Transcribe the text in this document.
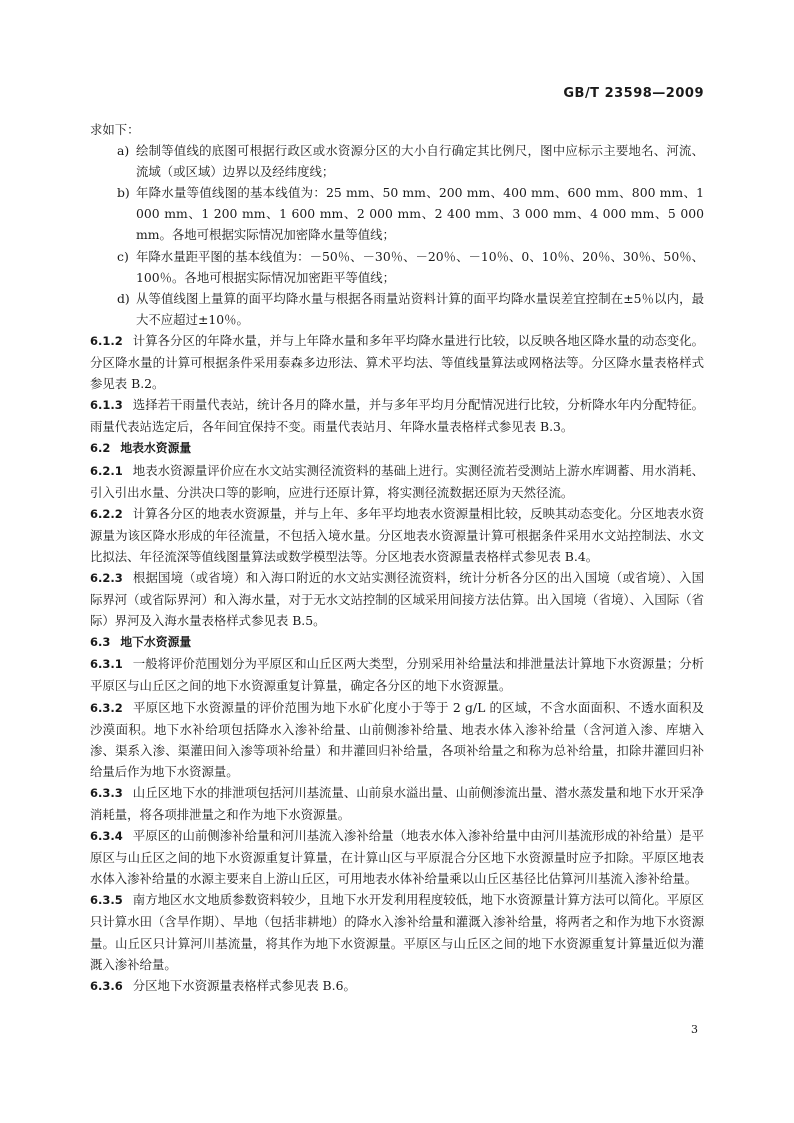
GB/T 23598—2009

求如下：

a) 绘制等值线的底图可根据行政区或水资源分区的大小自行确定其比例尺，图中应标示主要地名、河流、流域（或区域）边界以及经纬度线；

b) 年降水量等值线图的基本线值为：25 mm、50 mm、200 mm、400 mm、600 mm、800 mm、1 000 mm、1 200 mm、1 600 mm、2 000 mm、2 400 mm、3 000 mm、4 000 mm、5 000 mm。各地可根据实际情况加密降水量等值线；

c) 年降水量距平图的基本线值为：－50％、－30％、－20％、－10％、0、10％、20％、30％、50％、100％。各地可根据实际情况加密距平等值线；

d) 从等值线图上量算的面平均降水量与根据各雨量站资料计算的面平均降水量误差宜控制在±5％以内，最大不应超过±10％。

6.1.2 计算各分区的年降水量，并与上年降水量和多年平均降水量进行比较，以反映各地区降水量的动态变化。分区降水量的计算可根据条件采用泰森多边形法、算术平均法、等值线量算法或网格法等。分区降水量表格样式参见表 B.2。

6.1.3 选择若干雨量代表站，统计各月的降水量，并与多年平均月分配情况进行比较，分析降水年内分配特征。雨量代表站选定后，各年间宜保持不变。雨量代表站月、年降水量表格样式参见表 B.3。

6.2 地表水资源量

6.2.1 地表水资源量评价应在水文站实测径流资料的基础上进行。实测径流若受测站上游水库调蓄、用水消耗、引入引出水量、分洪决口等的影响，应进行还原计算，将实测径流数据还原为天然径流。

6.2.2 计算各分区的地表水资源量，并与上年、多年平均地表水资源量相比较，反映其动态变化。分区地表水资源量为该区降水形成的年径流量，不包括入境水量。分区地表水资源量计算可根据条件采用水文站控制法、水文比拟法、年径流深等值线图量算法或数学模型法等。分区地表水资源量表格样式参见表 B.4。

6.2.3 根据国境（或省境）和入海口附近的水文站实测径流资料，统计分析各分区的出入国境（或省境）、入国际界河（或省际界河）和入海水量，对于无水文站控制的区域采用间接方法估算。出入国境（省境）、入国际（省际）界河及入海水量表格样式参见表 B.5。

6.3 地下水资源量

6.3.1 一般将评价范围划分为平原区和山丘区两大类型，分别采用补给量法和排泄量法计算地下水资源量；分析平原区与山丘区之间的地下水资源重复计算量，确定各分区的地下水资源量。

6.3.2 平原区地下水资源量的评价范围为地下水矿化度小于等于 2 g/L 的区域，不含水面面积、不透水面积及沙漠面积。地下水补给项包括降水入渗补给量、山前侧渗补给量、地表水体入渗补给量（含河道入渗、库塘入渗、渠系入渗、渠灌田间入渗等项补给量）和井灌回归补给量，各项补给量之和称为总补给量，扣除井灌回归补给量后作为地下水资源量。

6.3.3 山丘区地下水的排泄项包括河川基流量、山前泉水溢出量、山前侧渗流出量、潜水蒸发量和地下水开采净消耗量，将各项排泄量之和作为地下水资源量。

6.3.4 平原区的山前侧渗补给量和河川基流入渗补给量（地表水体入渗补给量中由河川基流形成的补给量）是平原区与山丘区之间的地下水资源重复计算量，在计算山区与平原混合分区地下水资源量时应予扣除。平原区地表水体入渗补给量的水源主要来自上游山丘区，可用地表水体补给量乘以山丘区基径比估算河川基流入渗补给量。

6.3.5 南方地区水文地质参数资料较少，且地下水开发利用程度较低，地下水资源量计算方法可以简化。平原区只计算水田（含旱作期）、旱地（包括非耕地）的降水入渗补给量和灌溉入渗补给量，将两者之和作为地下水资源量。山丘区只计算河川基流量，将其作为地下水资源量。平原区与山丘区之间的地下水资源重复计算量近似为灌溉入渗补给量。

6.3.6 分区地下水资源量表格样式参见表 B.6。

3
